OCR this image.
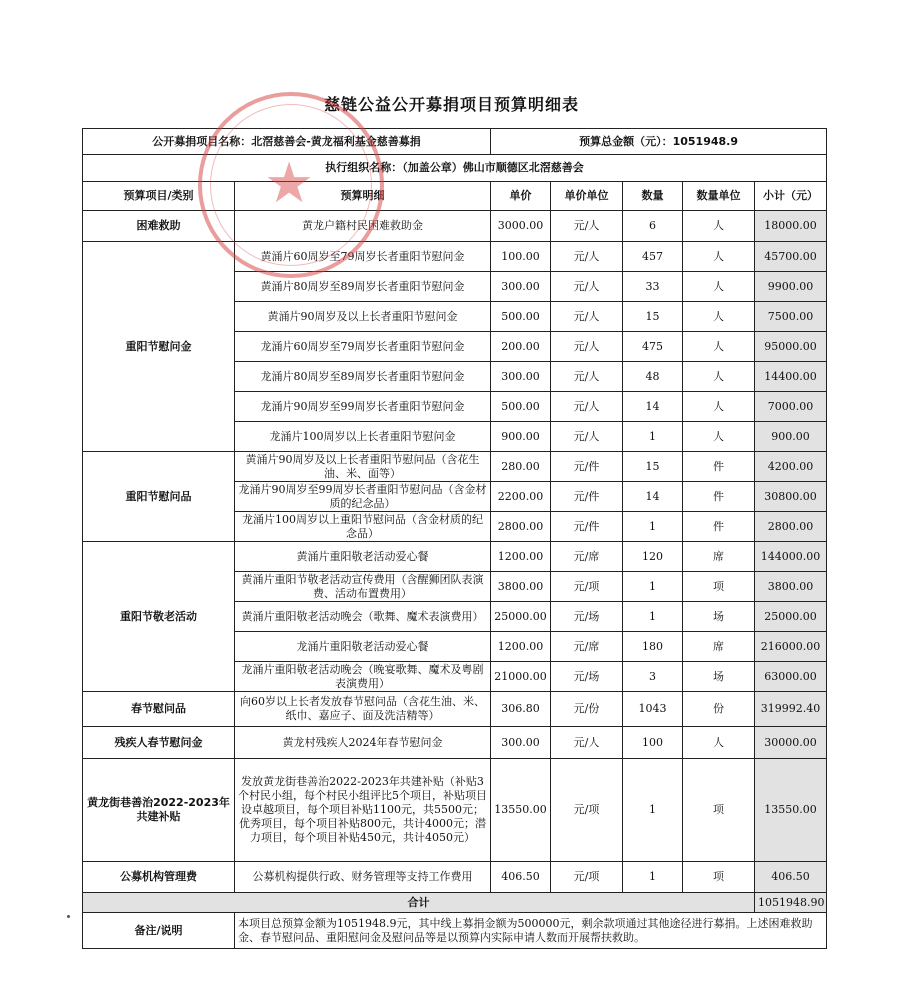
慈链公益公开募捐项目预算明细表
公开募捐项目名称：北滘慈善会-黄龙福利基金慈善募捐		预算总金额（元）：1051948.9				
执行组织名称：（加盖公章）佛山市顺德区北滘慈善会						
预算项目/类别	预算明细	单价	单价单位	数量	数量单位	小计（元）
困难救助	黄龙户籍村民困难救助金	3000.00	元/人	6	人	18000.00
重阳节慰问金	黄涌片60周岁至79周岁长者重阳节慰问金	100.00	元/人	457	人	45700.00
	黄涌片80周岁至89周岁长者重阳节慰问金	300.00	元/人	33	人	9900.00
	黄涌片90周岁及以上长者重阳节慰问金	500.00	元/人	15	人	7500.00
	龙涌片60周岁至79周岁长者重阳节慰问金	200.00	元/人	475	人	95000.00
	龙涌片80周岁至89周岁长者重阳节慰问金	300.00	元/人	48	人	14400.00
	龙涌片90周岁至99周岁长者重阳节慰问金	500.00	元/人	14	人	7000.00
	龙涌片100周岁以上长者重阳节慰问金	900.00	元/人	1	人	900.00
重阳节慰问品	黄涌片90周岁及以上长者重阳节慰问品（含花生油、米、面等）	280.00	元/件	15	件	4200.00
	龙涌片90周岁至99周岁长者重阳节慰问品（含金材质的纪念品）	2200.00	元/件	14	件	30800.00
	龙涌片100周岁以上重阳节慰问品（含金材质的纪念品）	2800.00	元/件	1	件	2800.00
重阳节敬老活动	黄涌片重阳敬老活动爱心餐	1200.00	元/席	120	席	144000.00
	黄涌片重阳节敬老活动宣传费用（含醒狮团队表演费、活动布置费用）	3800.00	元/项	1	项	3800.00
	黄涌片重阳敬老活动晚会（歌舞、魔术表演费用）	25000.00	元/场	1	场	25000.00
	龙涌片重阳敬老活动爱心餐	1200.00	元/席	180	席	216000.00
	龙涌片重阳敬老活动晚会（晚宴歌舞、魔术及粤剧表演费用）	21000.00	元/场	3	场	63000.00
春节慰问品	向60岁以上长者发放春节慰问品（含花生油、米、纸巾、嘉应子、面及洗洁精等）	306.80	元/份	1043	份	319992.40
残疾人春节慰问金	黄龙村残疾人2024年春节慰问金	300.00	元/人	100	人	30000.00
黄龙街巷善治2022-2023年共建补贴	发放黄龙街巷善治2022-2023年共建补贴（补贴3个村民小组，每个村民小组评比5个项目，补贴项目设卓越项目，每个项目补贴1100元，共5500元；优秀项目，每个项目补贴800元，共计4000元；潜力项目，每个项目补贴450元，共计4050元）	13550.00	元/项	1	项	13550.00
公募机构管理费	公募机构提供行政、财务管理等支持工作费用	406.50	元/项	1	项	406.50
合计						1051948.90
备注/说明	本项目总预算金额为1051948.9元，其中线上募捐金额为500000元，剩余款项通过其他途径进行募捐。上述困难救助金、春节慰问品、重阳慰问金及慰问品等是以预算内实际申请人数而开展帮扶救助。					
★
